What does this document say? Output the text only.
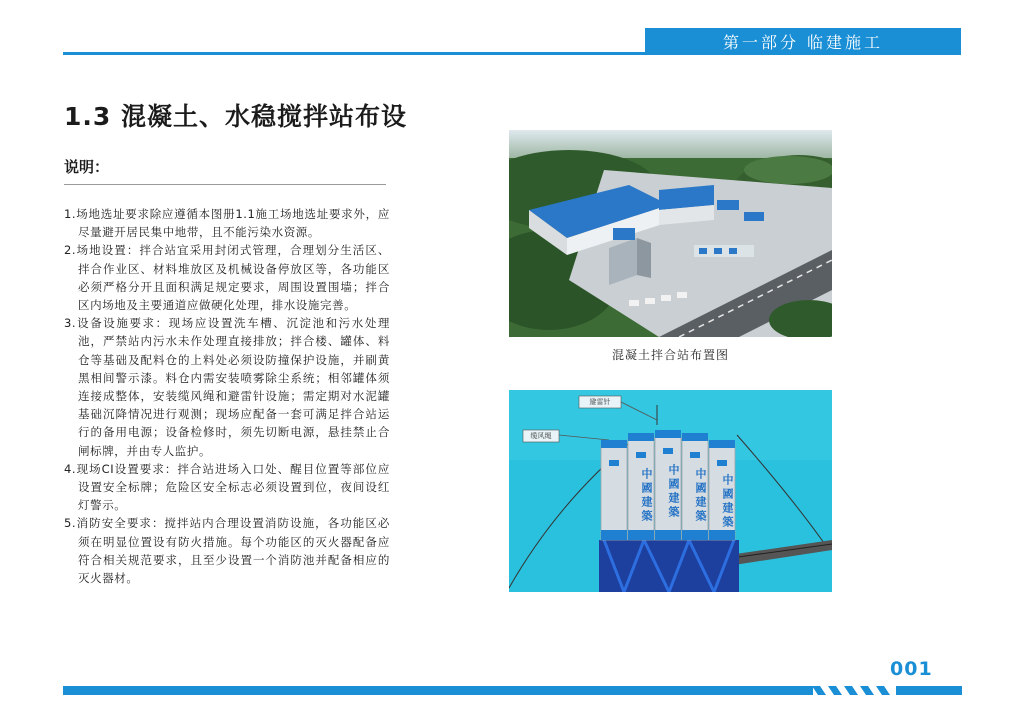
第一部分 临建施工
1.3 混凝土、水稳搅拌站布设
说明：
1.场地选址要求除应遵循本图册1.1施工场地选址要求外，应尽量避开居民集中地带，且不能污染水资源。
2.场地设置：拌合站宜采用封闭式管理，合理划分生活区、拌合作业区、材料堆放区及机械设备停放区等，各功能区必须严格分开且面积满足规定要求，周围设置围墙；拌合区内场地及主要通道应做硬化处理，排水设施完善。
3.设备设施要求：现场应设置洗车槽、沉淀池和污水处理池，严禁站内污水未作处理直接排放；拌合楼、罐体、料仓等基础及配料仓的上料处必须设防撞保护设施，并刷黄黑相间警示漆。料仓内需安装喷雾除尘系统；相邻罐体须连接成整体，安装缆风绳和避雷针设施；需定期对水泥罐基础沉降情况进行观测；现场应配备一套可满足拌合站运行的备用电源；设备检修时，须先切断电源，悬挂禁止合闸标牌，并由专人监护。
4.现场CI设置要求：拌合站进场入口处、醒目位置等部位应设置安全标牌；危险区安全标志必须设置到位，夜间设红灯警示。
5.消防安全要求：搅拌站内合理设置消防设施，各功能区必须在明显位置设有防火措施。每个功能区的灭火器配备应符合相关规范要求，且至少设置一个消防池并配备相应的灭火器材。
混凝土拌合站布置图
避雷针
缆风绳
中國建築	中國建築	中國建築	中國建築
001
